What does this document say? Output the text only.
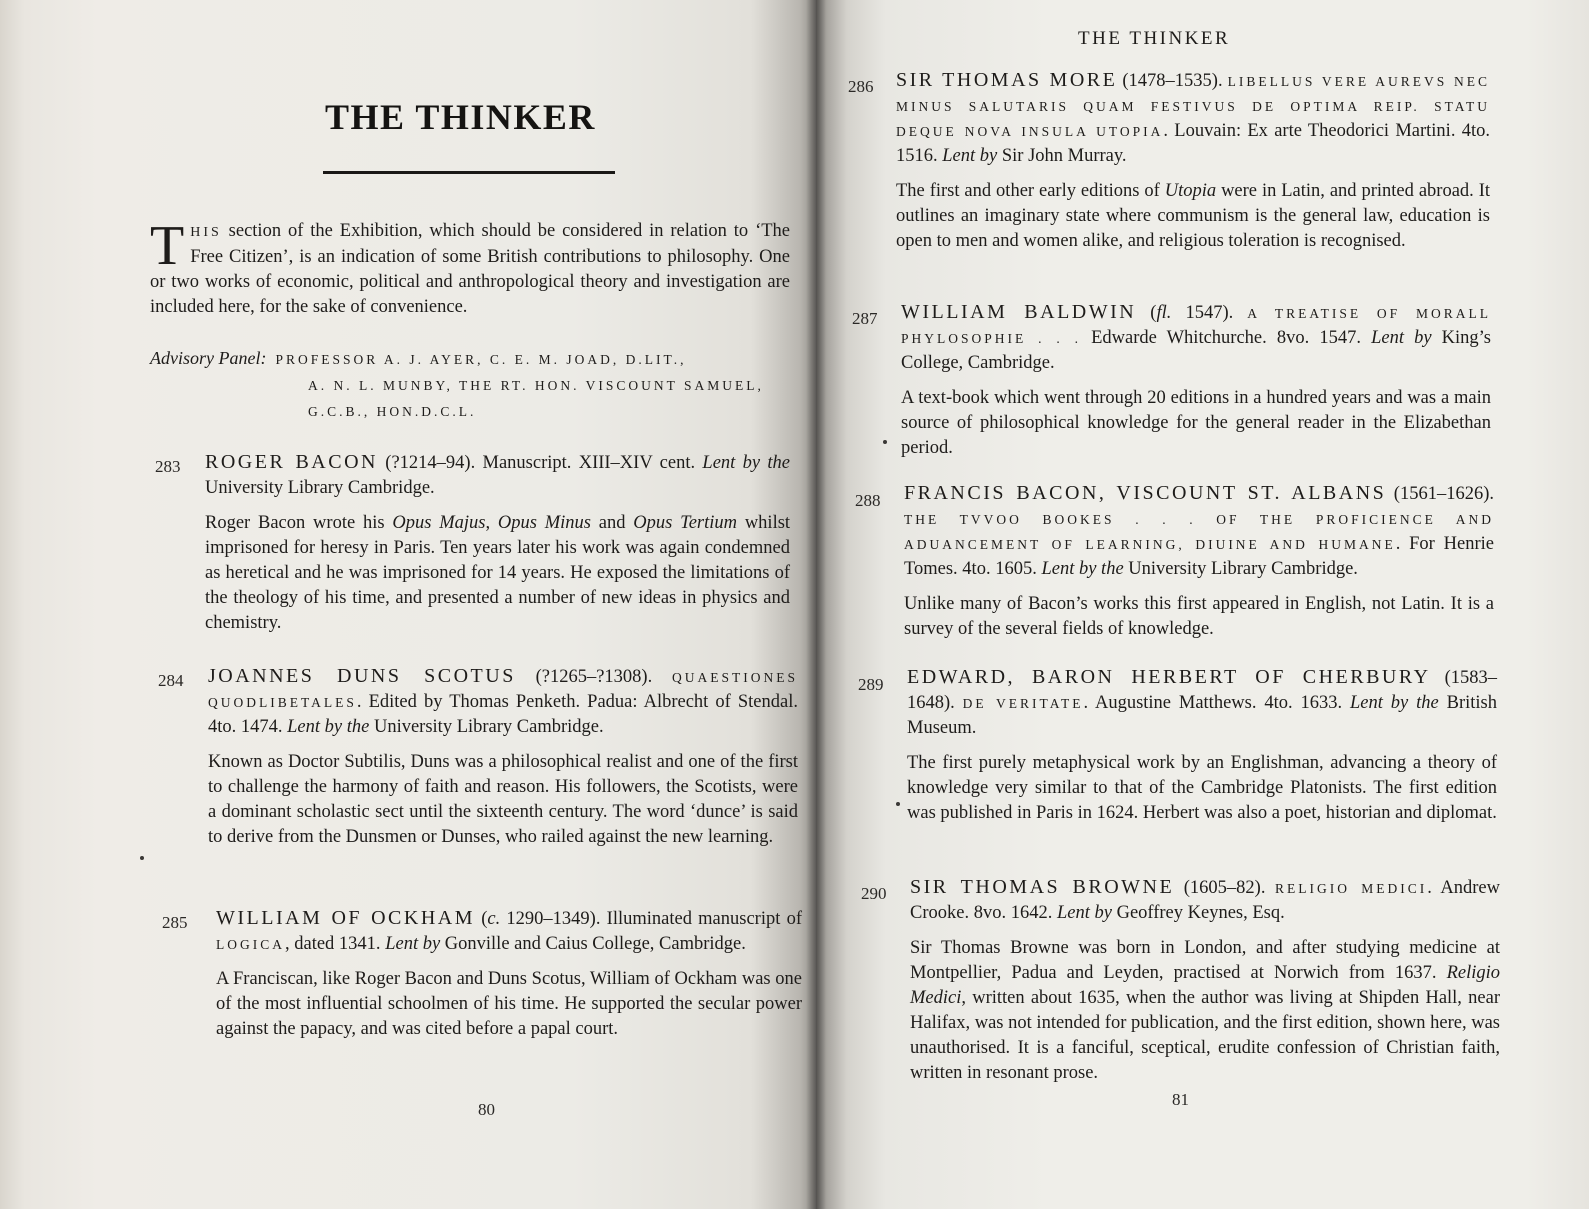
THE THINKER
THIS section of the Exhibition, which should be considered in relation to ‘The Free Citizen’, is an indication of some British contributions to philosophy. One or two works of economic, political and anthropological theory and investigation are included here, for the sake of convenience.
Advisory Panel: PROFESSOR A. J. AYER, C. E. M. JOAD, D.LIT.,
A. N. L. MUNBY, THE RT. HON. VISCOUNT SAMUEL,
G.C.B., HON.D.C.L.
283 ROGER BACON (?1214–94). Manuscript. XIII–XIV cent. Lent by the University Library Cambridge.

Roger Bacon wrote his Opus Majus, Opus Minus and Opus Tertium whilst imprisoned for heresy in Paris. Ten years later his work was again condemned as heretical and he was imprisoned for 14 years. He exposed the limitations of the theology of his time, and presented a number of new ideas in physics and chemistry.

284 JOANNES DUNS SCOTUS (?1265–?1308). QUAESTIONES QUODLIBETALES. Edited by Thomas Penketh. Padua: Albrecht of Stendal. 4to. 1474. Lent by the University Library Cambridge.

Known as Doctor Subtilis, Duns was a philosophical realist and one of the first to challenge the harmony of faith and reason. His followers, the Scotists, were a dominant scholastic sect until the sixteenth century. The word ‘dunce’ is said to derive from the Dunsmen or Dunses, who railed against the new learning.

285 WILLIAM OF OCKHAM (c. 1290–1349). Illuminated manuscript of LOGICA, dated 1341. Lent by Gonville and Caius College, Cambridge.

A Franciscan, like Roger Bacon and Duns Scotus, William of Ockham was one of the most influential schoolmen of his time. He supported the secular power against the papacy, and was cited before a papal court.

80
THE THINKER
286 SIR THOMAS MORE (1478–1535). LIBELLUS VERE AUREVS NEC MINUS SALUTARIS QUAM FESTIVUS DE OPTIMA REIP. STATU DEQUE NOVA INSULA UTOPIA. Louvain: Ex arte Theodorici Martini. 4to. 1516. Lent by Sir John Murray.

The first and other early editions of Utopia were in Latin, and printed abroad. It outlines an imaginary state where communism is the general law, education is open to men and women alike, and religious toleration is recognised.

287 WILLIAM BALDWIN (fl. 1547). A TREATISE OF MORALL PHYLOSOPHIE . . . Edwarde Whitchurche. 8vo. 1547. Lent by King’s College, Cambridge.

A text-book which went through 20 editions in a hundred years and was a main source of philosophical knowledge for the general reader in the Elizabethan period.

288 FRANCIS BACON, VISCOUNT ST. ALBANS (1561–1626). THE TVVOO BOOKES . . . OF THE PROFICIENCE AND ADUANCEMENT OF LEARNING, DIUINE AND HUMANE. For Henrie Tomes. 4to. 1605. Lent by the University Library Cambridge.

Unlike many of Bacon’s works this first appeared in English, not Latin. It is a survey of the several fields of knowledge.

289 EDWARD, BARON HERBERT OF CHERBURY (1583–1648). DE VERITATE. Augustine Matthews. 4to. 1633. Lent by the British Museum.

The first purely metaphysical work by an Englishman, advancing a theory of knowledge very similar to that of the Cambridge Platonists. The first edition was published in Paris in 1624. Herbert was also a poet, historian and diplomat.

290 SIR THOMAS BROWNE (1605–82). RELIGIO MEDICI. Andrew Crooke. 8vo. 1642. Lent by Geoffrey Keynes, Esq.

Sir Thomas Browne was born in London, and after studying medicine at Montpellier, Padua and Leyden, practised at Norwich from 1637. Religio Medici, written about 1635, when the author was living at Shipden Hall, near Halifax, was not intended for publication, and the first edition, shown here, was unauthorised. It is a fanciful, sceptical, erudite confession of Christian faith, written in resonant prose.

81
